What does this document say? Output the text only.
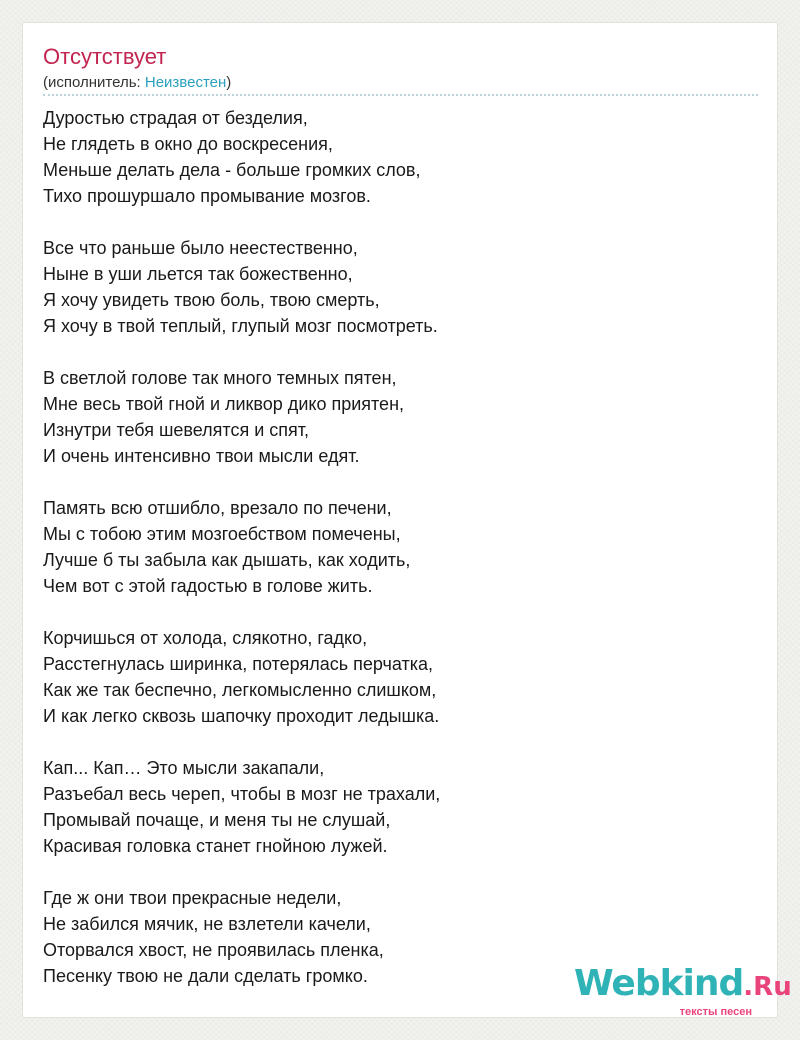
Отсутствует
(исполнитель: Неизвестен)
Дуростью страдая от безделия,
Не глядеть в окно до воскресения,
Меньше делать дела - больше громких слов,
Тихо прошуршало промывание мозгов.
Все что раньше было неестественно,
Ныне в уши льется так божественно,
Я хочу увидеть твою боль, твою смерть,
Я хочу в твой теплый, глупый мозг посмотреть.
В светлой голове так много темных пятен,
Мне весь твой гной и ликвор дико приятен,
Изнутри тебя шевелятся и спят,
И очень интенсивно твои мысли едят.
Память всю отшибло, врезало по печени,
Мы с тобою этим мозгоебством помечены,
Лучше б ты забыла как дышать, как ходить,
Чем вот с этой гадостью в голове жить.
Корчишься от холода, слякотно, гадко,
Расстегнулась ширинка, потерялась перчатка,
Как же так беспечно, легкомысленно слишком,
И как легко сквозь шапочку проходит ледышка.
Кап... Кап… Это мысли закапали,
Разъебал весь череп, чтобы в мозг не трахали,
Промывай почаще, и меня ты не слушай,
Красивая головка станет гнойною лужей.
Где ж они твои прекрасные недели,
Не забился мячик, не взлетели качели,
Оторвался хвост, не проявилась пленка,
Песенку твою не дали сделать громко.	Webkind.Ru
тексты песен
